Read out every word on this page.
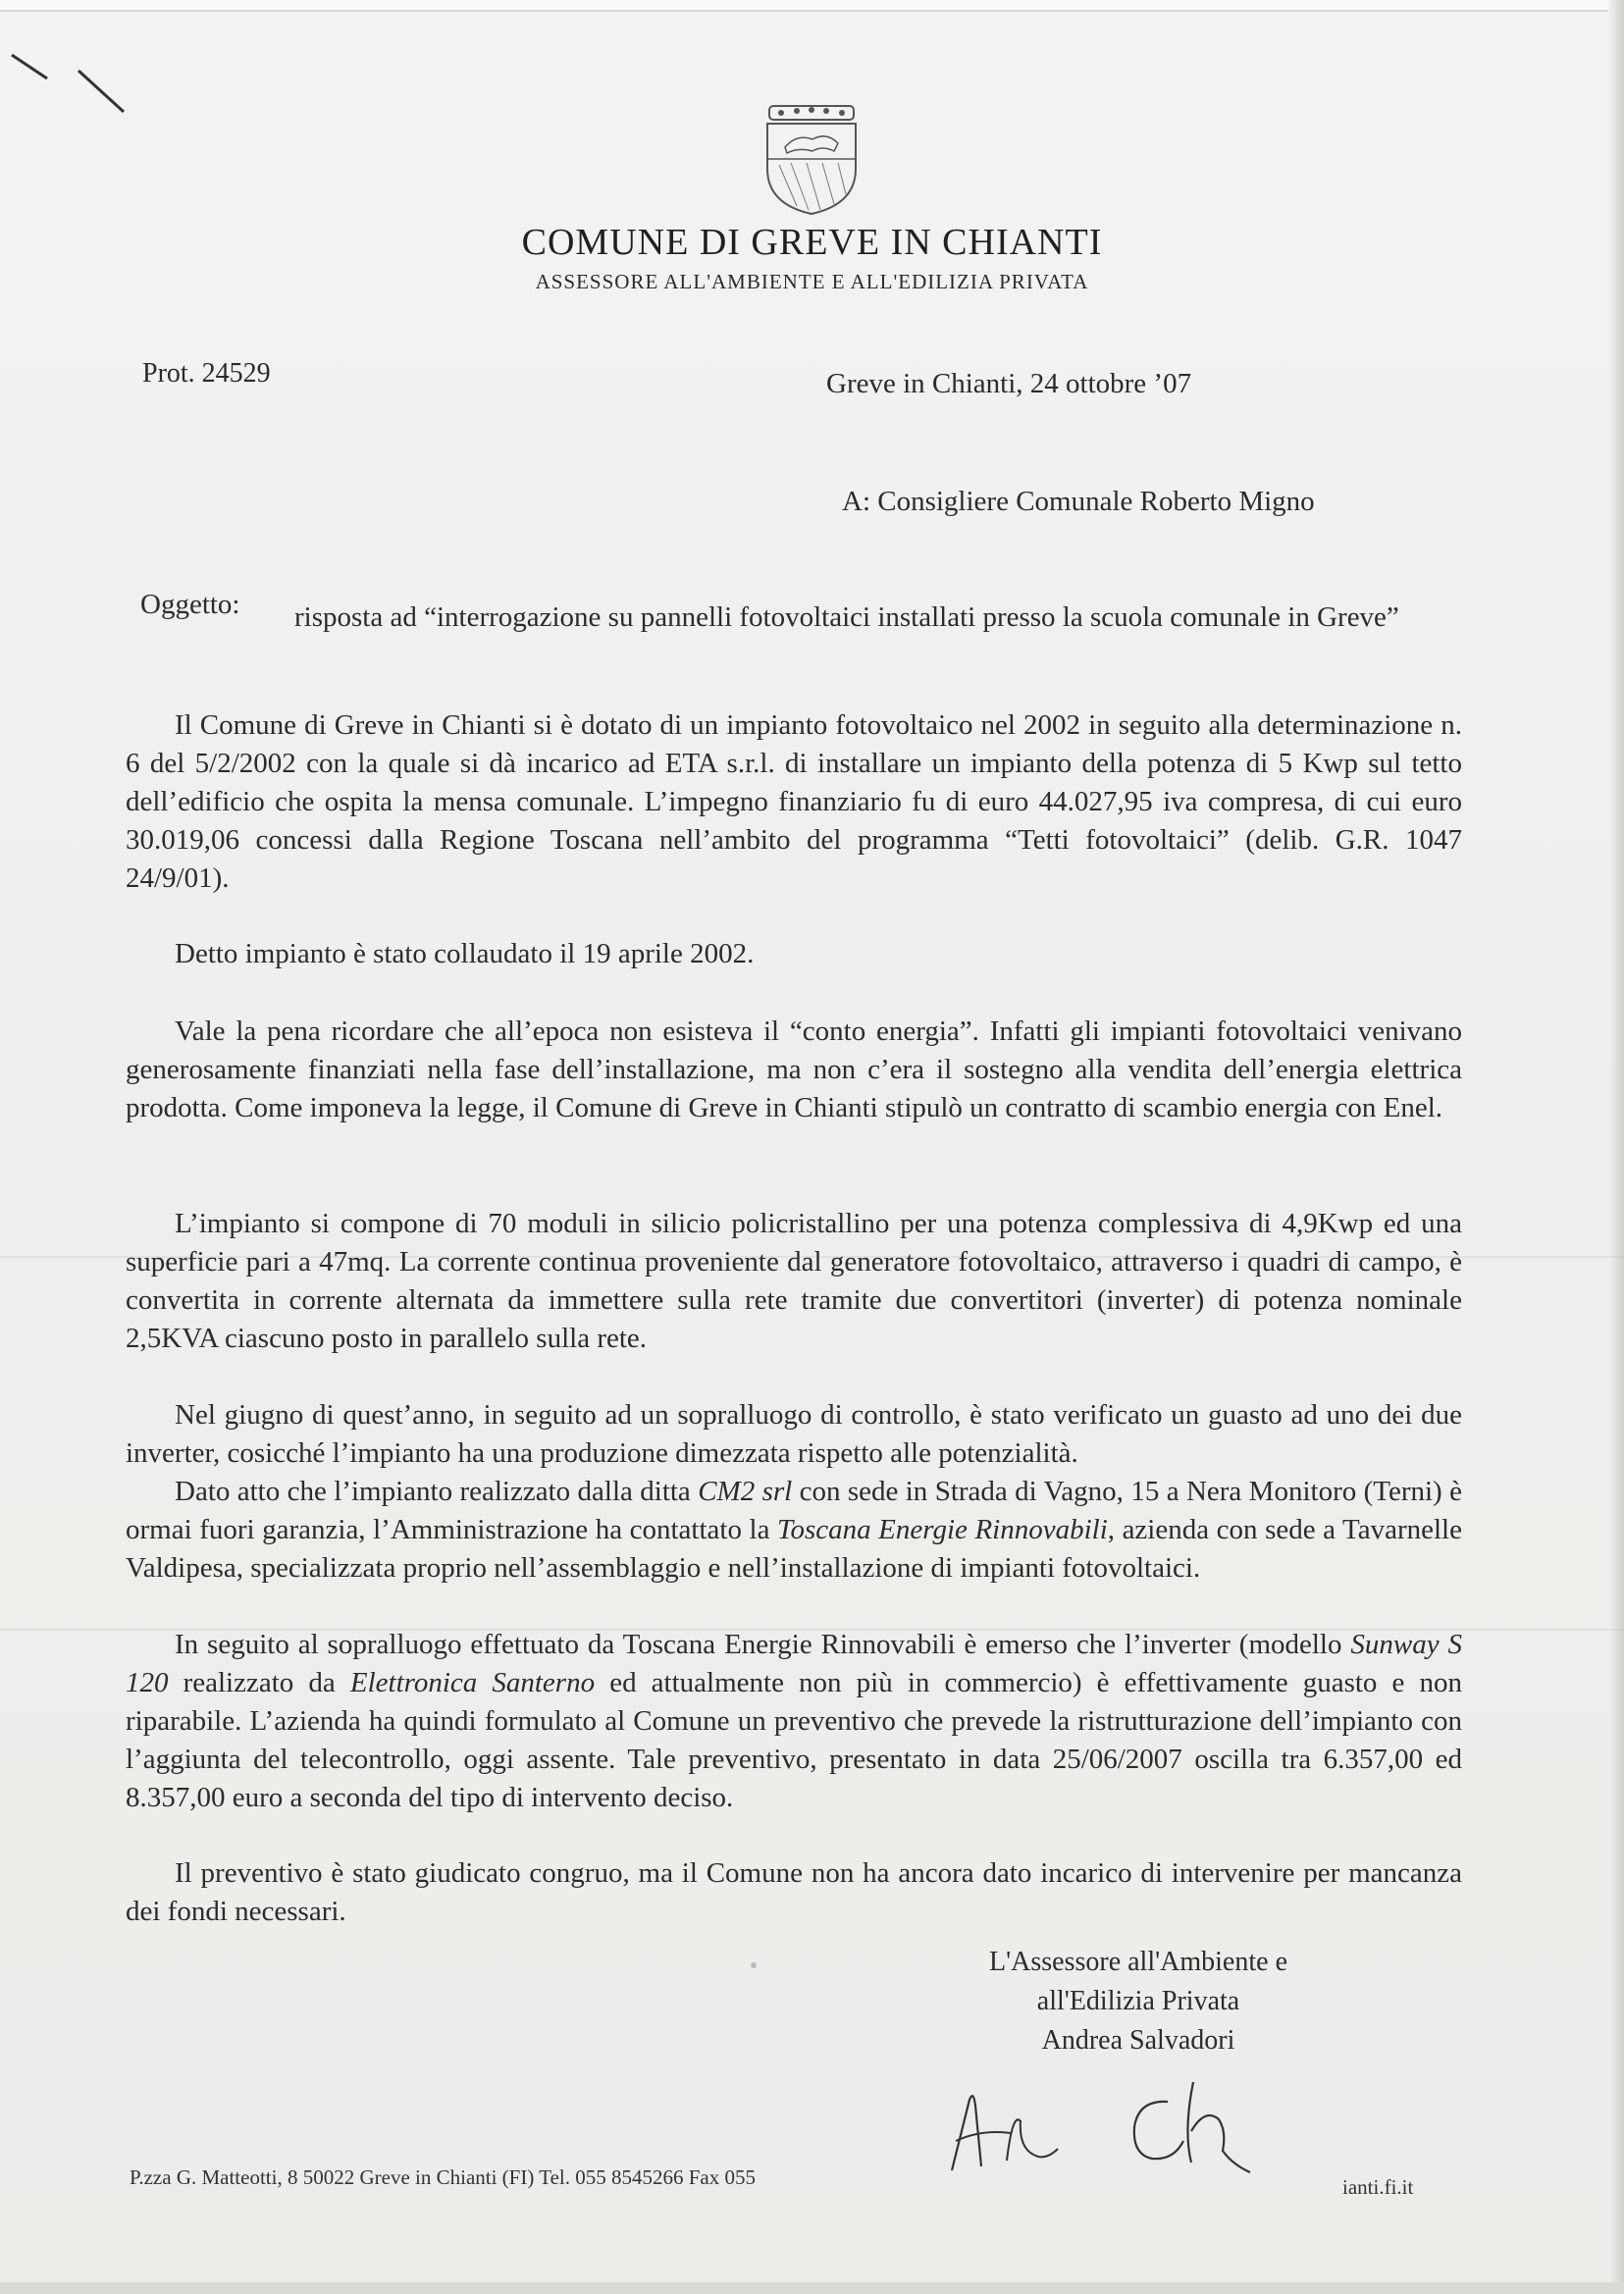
COMUNE DI GREVE IN CHIANTI
ASSESSORE ALL'AMBIENTE E ALL'EDILIZIA PRIVATA
Prot. 24529	Greve in Chianti, 24 ottobre ’07
A: Consigliere Comunale Roberto Migno
Oggetto: risposta ad “interrogazione su pannelli fotovoltaici installati presso la scuola comunale in Greve”
Il Comune di Greve in Chianti si è dotato di un impianto fotovoltaico nel 2002 in seguito alla determinazione n. 6 del 5/2/2002 con la quale si dà incarico ad ETA s.r.l. di installare un impianto della potenza di 5 Kwp sul tetto dell’edificio che ospita la mensa comunale. L’impegno finanziario fu di euro 44.027,95 iva compresa, di cui euro 30.019,06 concessi dalla Regione Toscana nell’ambito del programma “Tetti fotovoltaici” (delib. G.R. 1047 24/9/01).
Detto impianto è stato collaudato il 19 aprile 2002.
Vale la pena ricordare che all’epoca non esisteva il “conto energia”. Infatti gli impianti fotovoltaici venivano generosamente finanziati nella fase dell’installazione, ma non c’era il sostegno alla vendita dell’energia elettrica prodotta. Come imponeva la legge, il Comune di Greve in Chianti stipulò un contratto di scambio energia con Enel.
L’impianto si compone di 70 moduli in silicio policristallino per una potenza complessiva di 4,9Kwp ed una superficie pari a 47mq. La corrente continua proveniente dal generatore fotovoltaico, attraverso i quadri di campo, è convertita in corrente alternata da immettere sulla rete tramite due convertitori (inverter) di potenza nominale 2,5KVA ciascuno posto in parallelo sulla rete.
Nel giugno di quest’anno, in seguito ad un sopralluogo di controllo, è stato verificato un guasto ad uno dei due inverter, cosicché l’impianto ha una produzione dimezzata rispetto alle potenzialità.
Dato atto che l’impianto realizzato dalla ditta CM2 srl con sede in Strada di Vagno, 15 a Nera Monitoro (Terni) è ormai fuori garanzia, l’Amministrazione ha contattato la Toscana Energie Rinnovabili, azienda con sede a Tavarnelle Valdipesa, specializzata proprio nell’assemblaggio e nell’installazione di impianti fotovoltaici.
In seguito al sopralluogo effettuato da Toscana Energie Rinnovabili è emerso che l’inverter (modello Sunway S 120 realizzato da Elettronica Santerno ed attualmente non più in commercio) è effettivamente guasto e non riparabile. L’azienda ha quindi formulato al Comune un preventivo che prevede la ristrutturazione dell’impianto con l’aggiunta del telecontrollo, oggi assente. Tale preventivo, presentato in data 25/06/2007 oscilla tra 6.357,00 ed 8.357,00 euro a seconda del tipo di intervento deciso.
Il preventivo è stato giudicato congruo, ma il Comune non ha ancora dato incarico di intervenire per mancanza dei fondi necessari.
L'Assessore all'Ambiente e
all'Edilizia Privata
Andrea Salvadori
P.zza G. Matteotti, 8 50022 Greve in Chianti (FI) Tel. 055 8545266 Fax 055	ianti.fi.it
